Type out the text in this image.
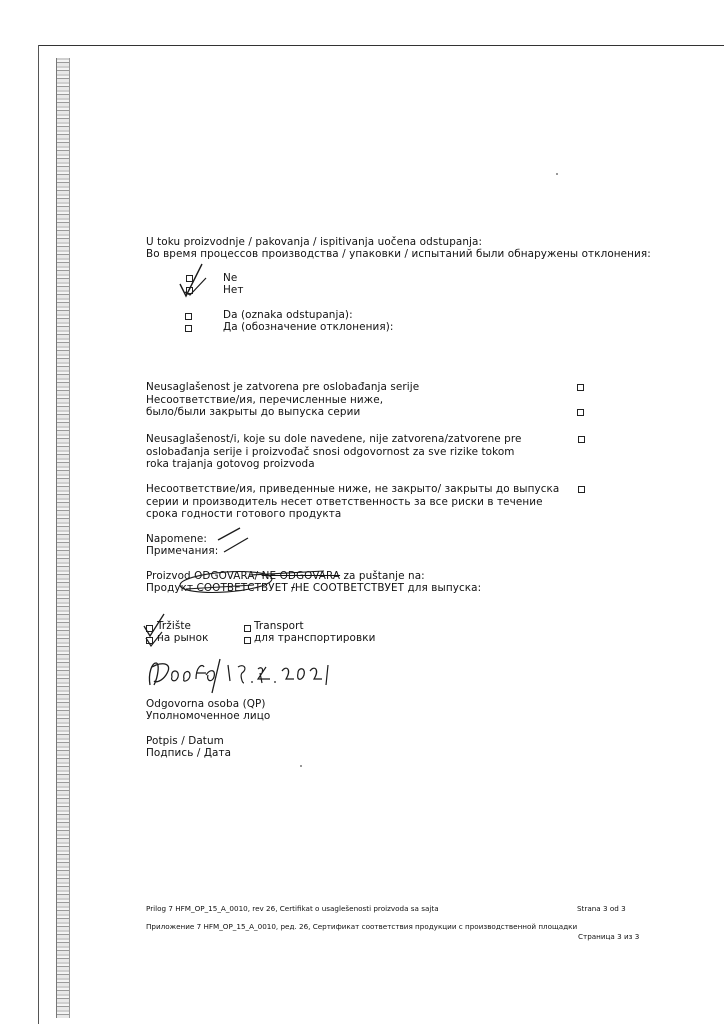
U toku proizvodnje / pakovanja / ispitivanja uočena odstupanja:
Во время процессов производства / упаковки / испытаний были обнаружены отклонения:
Ne
Нет
Da (oznaka odstupanja):
Да (обозначение отклонения):
Neusaglašenost je zatvorena pre oslobađanja serije
Несоответствие/ия, перечисленные ниже,
было/были закрыты до выпуска серии
Neusaglašenost/i, koje su dole navedene, nije zatvorena/zatvorene pre
oslobađanja serije i proizvođač snosi odgovornost za sve rizike tokom
roka trajanja gotovog proizvoda
Несоответствие/ия, приведенные ниже, не закрыто/ закрыты до выпуска
серии и производитель несет ответственность за все риски в течение
срока годности готового продукта
Napomene:
Примечания:
Proizvod ODGOVARA/ NE ODGOVARA za puštanje na:
Продукт СООТВЕТСТВУЕТ /НЕ СООТВЕТСТВУЕТ для выпуска:
Tržište
на рынок
Transport
для транспортировки
Odgovorna osoba (QP)
Уполномоченное лицо
Potpis / Datum
Подпись / Дата
Prilog 7 HFM_OP_15_A_0010, rev 26, Certifikat o usaglešenosti proizvoda sa sajta	Strana 3 od 3
Приложение 7 HFM_OP_15_A_0010, ред. 26, Сертификат соответствия продукции с производственной площадки
Страница 3 из 3
